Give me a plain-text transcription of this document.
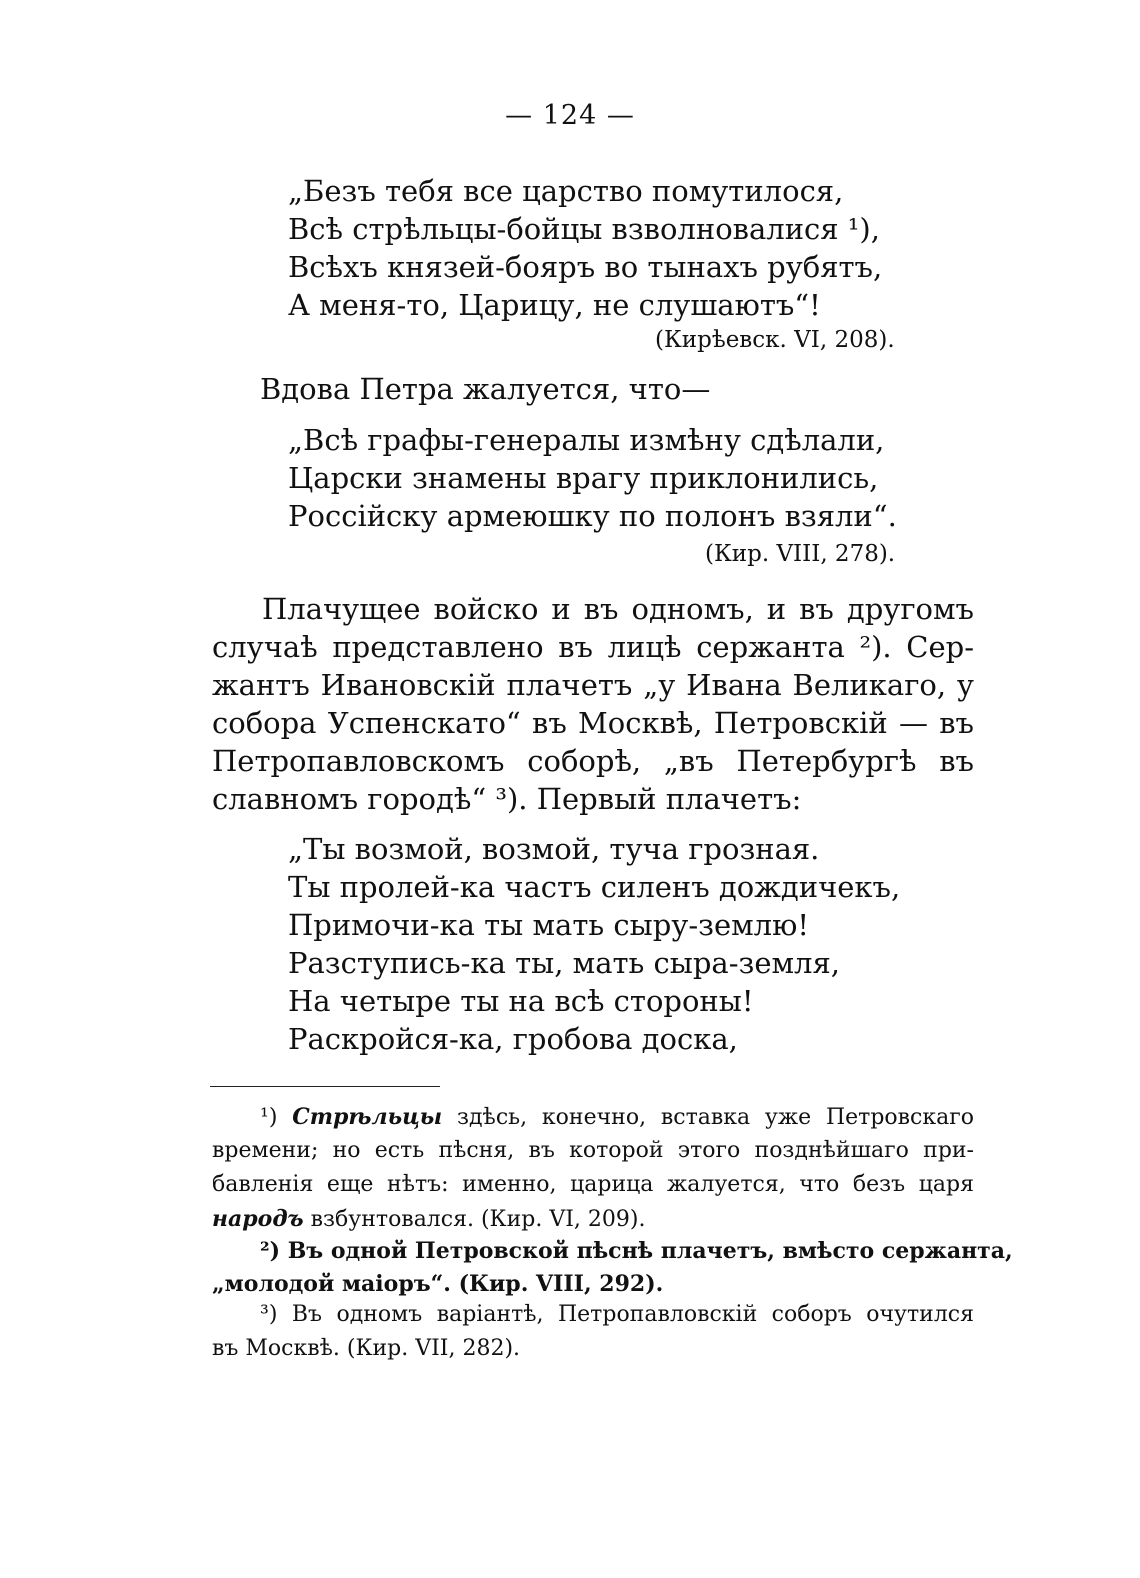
— 124 —
„Безъ тебя все царство помутилося,
Всѣ стрѣльцы-бойцы взволновалися ¹),
Всѣхъ князей-бояръ во тынахъ рубятъ,
А меня-то, Царицу, не слушаютъ“!
(Кирѣевск. VI, 208).
Вдова Петра жалуется, что—
„Всѣ графы-генералы измѣну сдѣлали,
Царски знамены врагу приклонились,
Россійску армеюшку по полонъ взяли“.
(Кир. VIII, 278).
Плачущее войско и въ одномъ, и въ другомъ
случаѣ представлено въ лицѣ сержанта ²). Сер-
жантъ Ивановскій плачетъ „у Ивана Великаго, у
собора Успенскато“ въ Москвѣ, Петровскій — въ
Петропавловскомъ соборѣ, „въ Петербургѣ въ
славномъ городѣ“ ³). Первый плачетъ:
„Ты возмой, возмой, туча грозная.
Ты пролей-ка частъ силенъ дождичекъ,
Примочи-ка ты мать сыру-землю!
Разступись-ка ты, мать сыра-земля,
На четыре ты на всѣ стороны!
Раскройся-ка, гробова доска,
¹) Стрѣльцы здѣсь, конечно, вставка уже Петровскаго
времени; но есть пѣсня, въ которой этого позднѣйшаго при-
бавленія еще нѣтъ: именно, царица жалуется, что безъ царя
народъ взбунтовался. (Кир. VI, 209).
²) Въ одной Петровской пѣснѣ плачетъ, вмѣсто сержанта,
„молодой маіоръ“. (Кир. VIII, 292).
³) Въ одномъ варіантѣ, Петропавловскій соборъ очутился
въ Москвѣ. (Кир. VII, 282).
